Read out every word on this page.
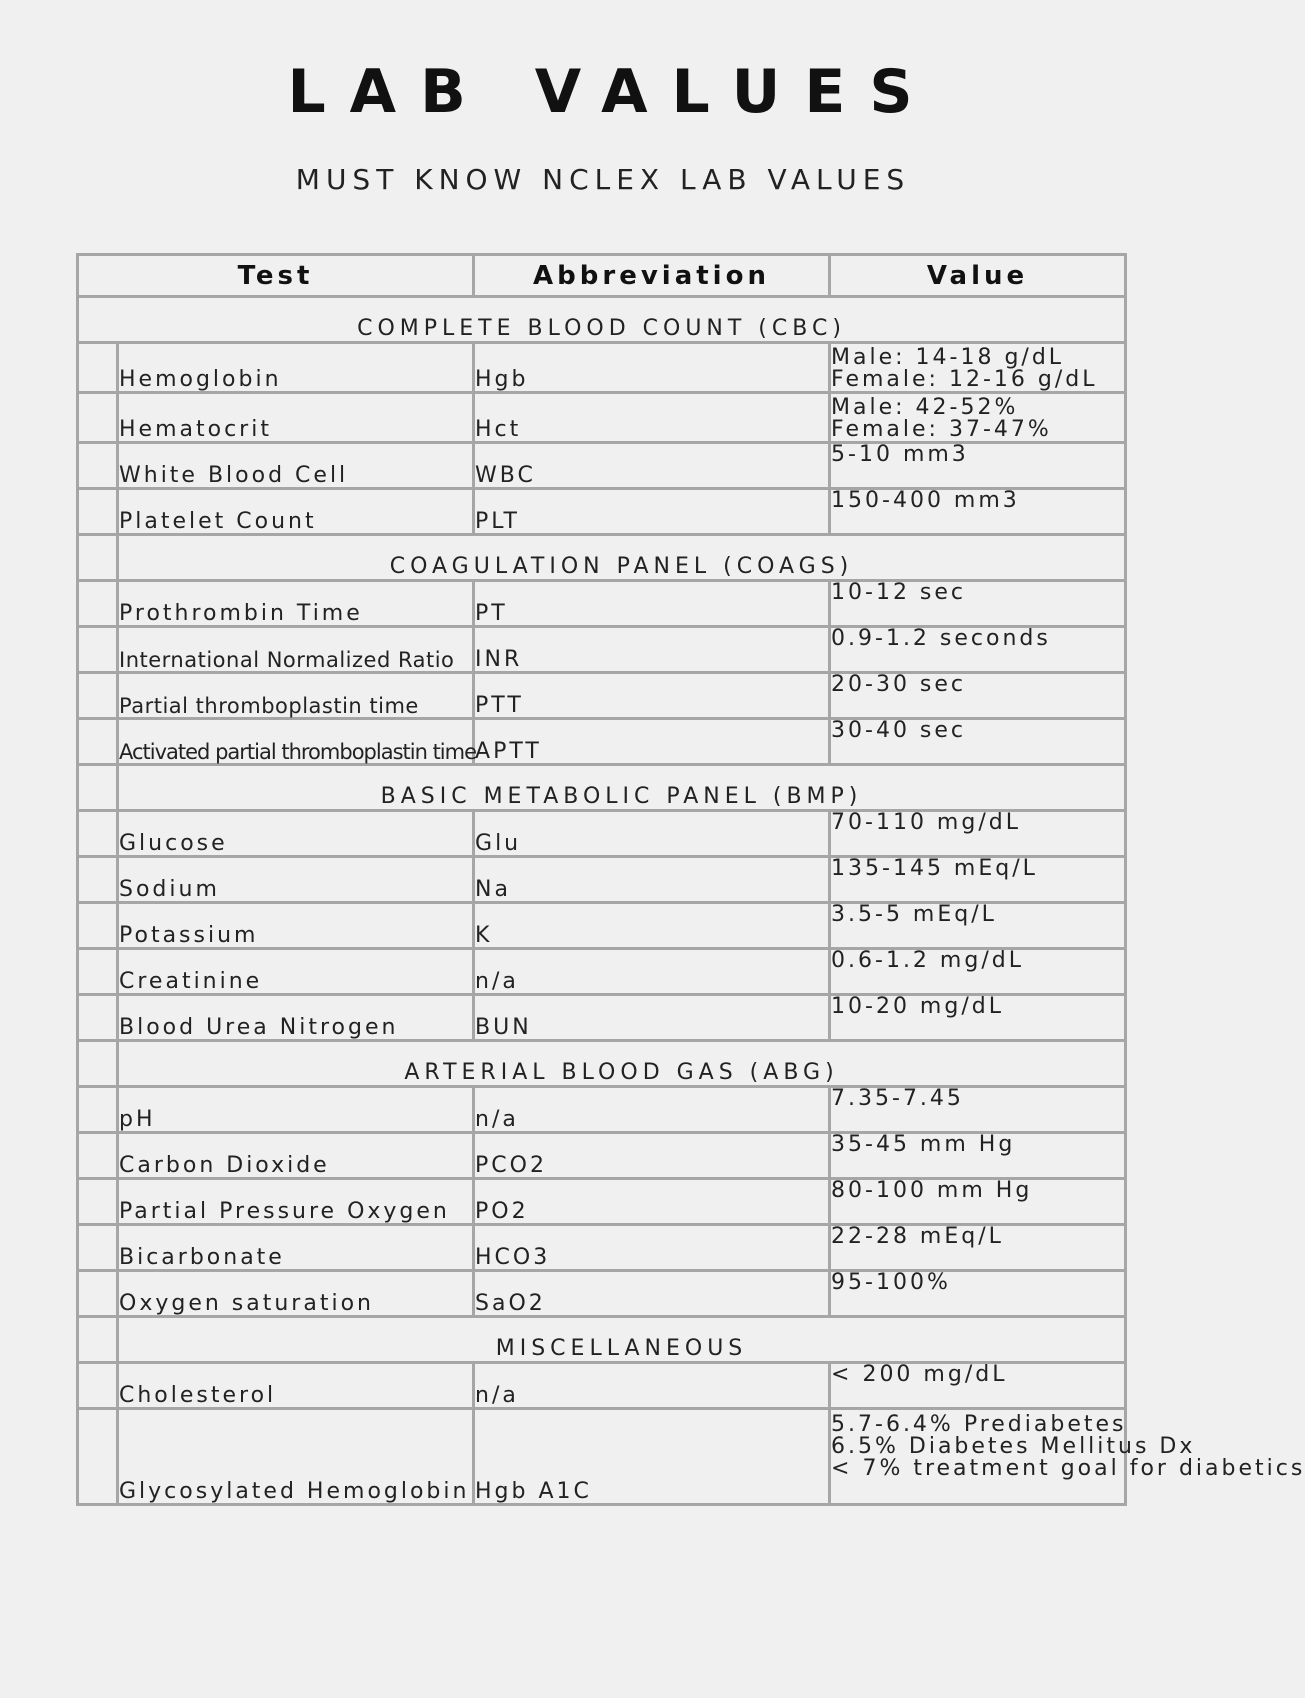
LAB VALUES
MUST KNOW NCLEX LAB VALUES
Test		Abbreviation	Value
COMPLETE BLOOD COUNT (CBC)			
	Hemoglobin	Hgb	Male: 14-18 g/dL
Female: 12-16 g/dL

	Hematocrit	Hct	Male: 42-52%
Female: 37-47%

	White Blood Cell	WBC	5-10 mm3

	Platelet Count	PLT	150-400 mm3

	COAGULATION PANEL (COAGS)		
	Prothrombin Time	PT	10-12 sec

	International Normalized Ratio	INR	0.9-1.2 seconds

	Partial thromboplastin time	PTT	20-30 sec

	Activated partial thromboplastin time	APTT	30-40 sec

	BASIC METABOLIC PANEL (BMP)		
	Glucose	Glu	70-110 mg/dL

	Sodium	Na	135-145 mEq/L

	Potassium	K	3.5-5 mEq/L

	Creatinine	n/a	0.6-1.2 mg/dL

	Blood Urea Nitrogen	BUN	10-20 mg/dL

	ARTERIAL BLOOD GAS (ABG)		
	pH	n/a	7.35-7.45

	Carbon Dioxide	PCO2	35-45 mm Hg

	Partial Pressure Oxygen	PO2	80-100 mm Hg

	Bicarbonate	HCO3	22-28 mEq/L

	Oxygen saturation	SaO2	95-100%

	MISCELLANEOUS		
	Cholesterol	n/a	< 200 mg/dL

	Glycosylated Hemoglobin	Hgb A1C	5.7-6.4% Prediabetes
6.5% Diabetes Mellitus Dx
< 7% treatment goal for diabetics
